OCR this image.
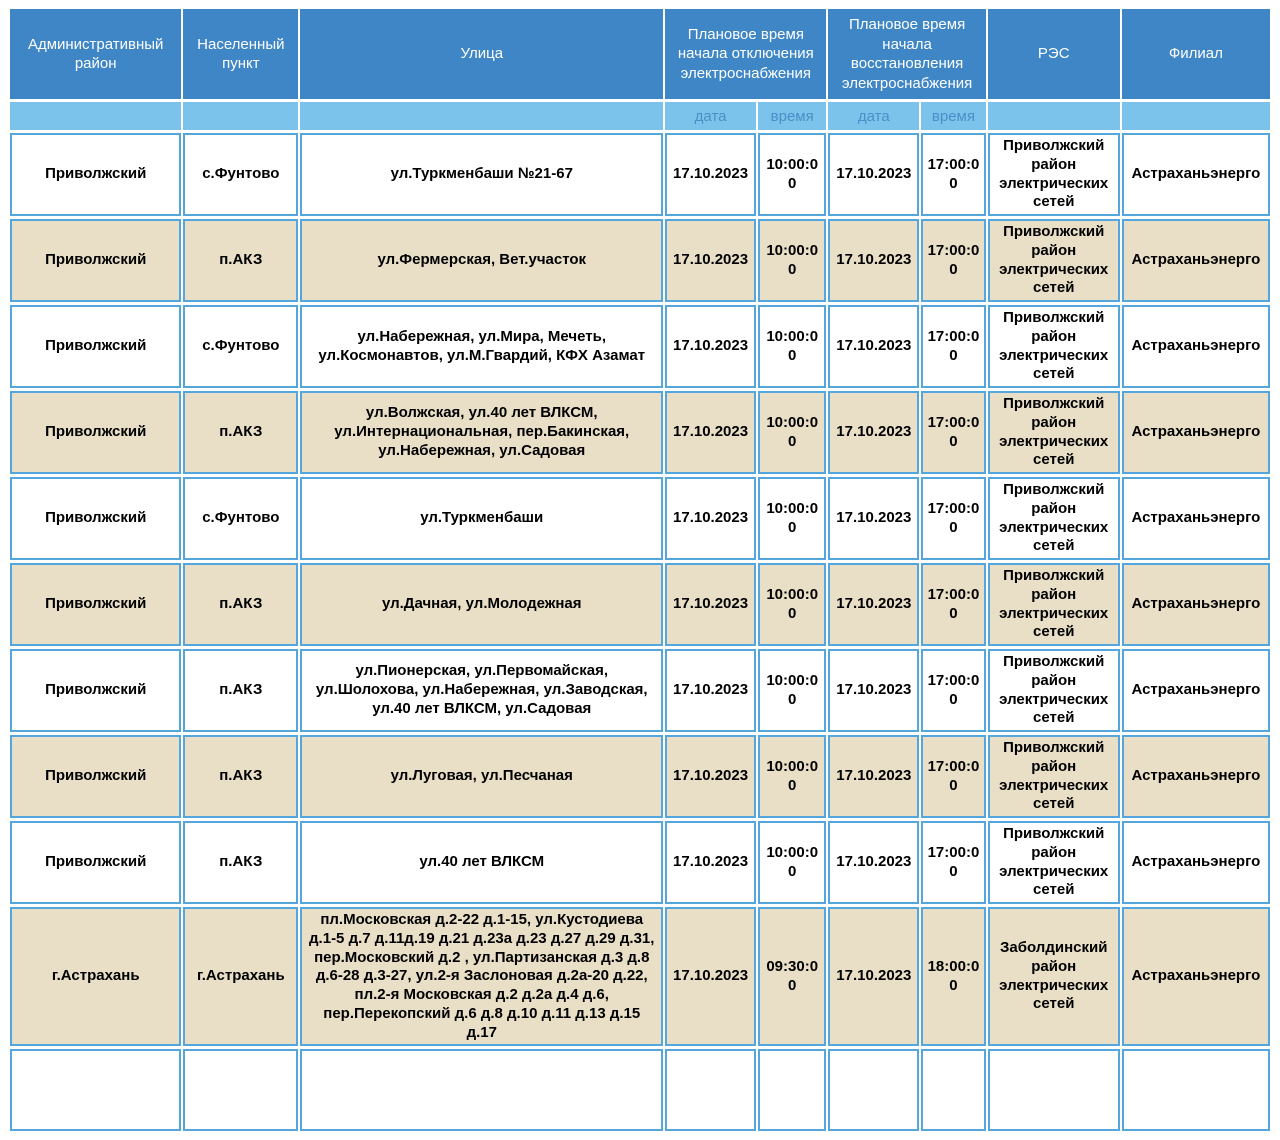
Административный район	Населенный пункт	Улица	Плановое время начала отключения электроснабжения		Плановое время начала восстановления электроснабжения		РЭС	Филиал
			дата	время	дата	время		
Приволжский	с.Фунтово	ул.Туркменбаши №21-67	17.10.2023	10:00:00	17.10.2023	17:00:00	Приволжский район электрических сетей	Астраханьэнерго
Приволжский	п.АКЗ	ул.Фермерская, Вет.участок	17.10.2023	10:00:00	17.10.2023	17:00:00	Приволжский район электрических сетей	Астраханьэнерго
Приволжский	с.Фунтово	ул.Набережная, ул.Мира, Мечеть, ул.Космонавтов, ул.М.Гвардий, КФХ Азамат	17.10.2023	10:00:00	17.10.2023	17:00:00	Приволжский район электрических сетей	Астраханьэнерго
Приволжский	п.АКЗ	ул.Волжская, ул.40 лет ВЛКСМ, ул.Интернациональная, пер.Бакинская, ул.Набережная, ул.Садовая	17.10.2023	10:00:00	17.10.2023	17:00:00	Приволжский район электрических сетей	Астраханьэнерго
Приволжский	с.Фунтово	ул.Туркменбаши	17.10.2023	10:00:00	17.10.2023	17:00:00	Приволжский район электрических сетей	Астраханьэнерго
Приволжский	п.АКЗ	ул.Дачная, ул.Молодежная	17.10.2023	10:00:00	17.10.2023	17:00:00	Приволжский район электрических сетей	Астраханьэнерго
Приволжский	п.АКЗ	ул.Пионерская, ул.Первомайская, ул.Шолохова, ул.Набережная, ул.Заводская, ул.40 лет ВЛКСМ, ул.Садовая	17.10.2023	10:00:00	17.10.2023	17:00:00	Приволжский район электрических сетей	Астраханьэнерго
Приволжский	п.АКЗ	ул.Луговая, ул.Песчаная	17.10.2023	10:00:00	17.10.2023	17:00:00	Приволжский район электрических сетей	Астраханьэнерго
Приволжский	п.АКЗ	ул.40 лет ВЛКСМ	17.10.2023	10:00:00	17.10.2023	17:00:00	Приволжский район электрических сетей	Астраханьэнерго
г.Астрахань	г.Астрахань	пл.Московская д.2-22 д.1-15, ул.Кустодиева д.1-5 д.7 д.11д.19 д.21 д.23а д.23 д.27 д.29 д.31, пер.Московский д.2 , ул.Партизанская д.3 д.8 д.6-28 д.3-27, ул.2-я Заслоновая д.2а-20 д.22, пл.2-я Московская д.2 д.2а д.4 д.6, пер.Перекопский д.6 д.8 д.10 д.11 д.13 д.15 д.17	17.10.2023	09:30:00	17.10.2023	18:00:00	Заболдинский район электрических сетей	Астраханьэнерго
